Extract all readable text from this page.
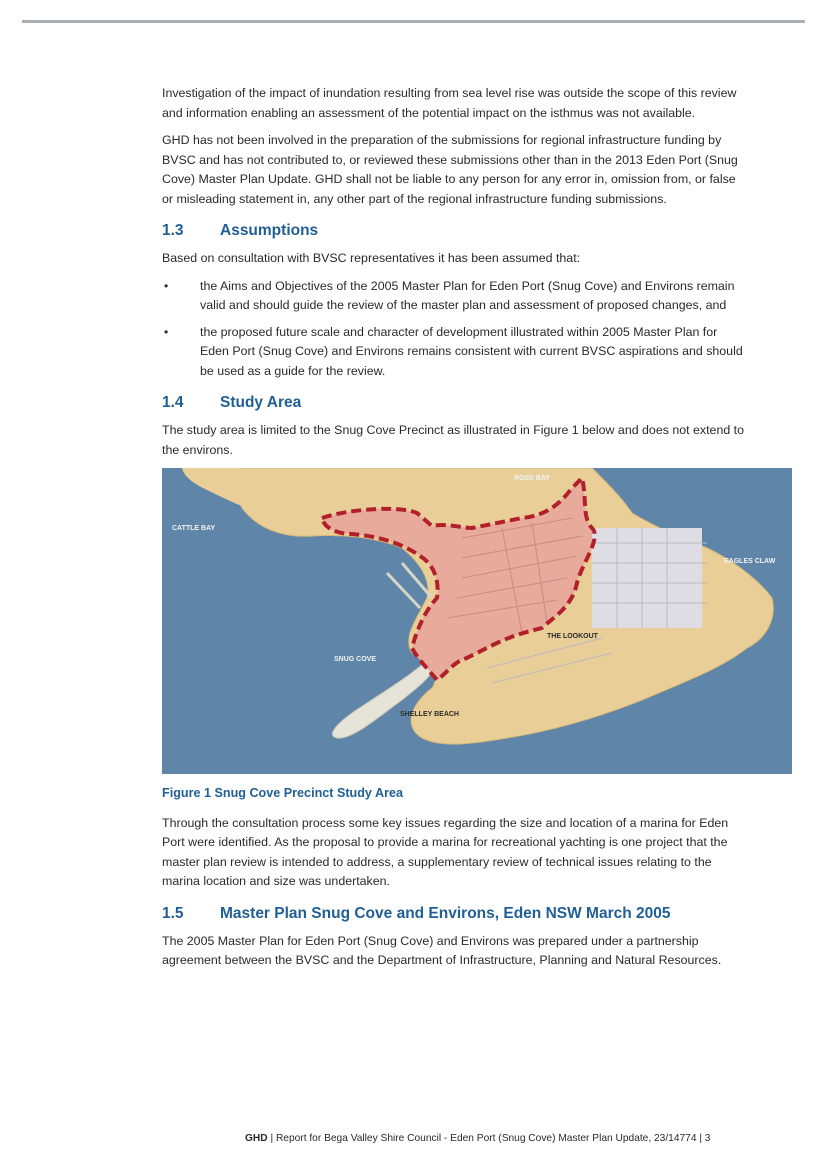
Investigation of the impact of inundation resulting from sea level rise was outside the scope of this review and information enabling an assessment of the potential impact on the isthmus was not available.

GHD has not been involved in the preparation of the submissions for regional infrastructure funding by BVSC and has not contributed to, or reviewed these submissions other than in the 2013 Eden Port (Snug Cove) Master Plan Update. GHD shall not be liable to any person for any error in, omission from, or false or misleading statement in, any other part of the regional infrastructure funding submissions.

1.3 Assumptions

Based on consultation with BVSC representatives it has been assumed that:

•	the Aims and Objectives of the 2005 Master Plan for Eden Port (Snug Cove) and Environs remain valid and should guide the review of the master plan and assessment of proposed changes, and
•	the proposed future scale and character of development illustrated within 2005 Master Plan for Eden Port (Snug Cove) and Environs remains consistent with current BVSC aspirations and should be used as a guide for the review.
1.4 Study Area

The study area is limited to the Snug Cove Precinct as illustrated in Figure 1 below and does not extend to the environs.

ROSS BAY
CATTLE BAY
EAGLES CLAW
THE LOOKOUT
SNUG COVE
SHELLEY BEACH
Figure 1 Snug Cove Precinct Study Area

Through the consultation process some key issues regarding the size and location of a marina for Eden Port were identified. As the proposal to provide a marina for recreational yachting is one project that the master plan review is intended to address, a supplementary review of technical issues relating to the marina location and size was undertaken.

1.5 Master Plan Snug Cove and Environs, Eden NSW March 2005

The 2005 Master Plan for Eden Port (Snug Cove) and Environs was prepared under a partnership agreement between the BVSC and the Department of Infrastructure, Planning and Natural Resources.

GHD | Report for Bega Valley Shire Council - Eden Port (Snug Cove) Master Plan Update, 23/14774 | 3
